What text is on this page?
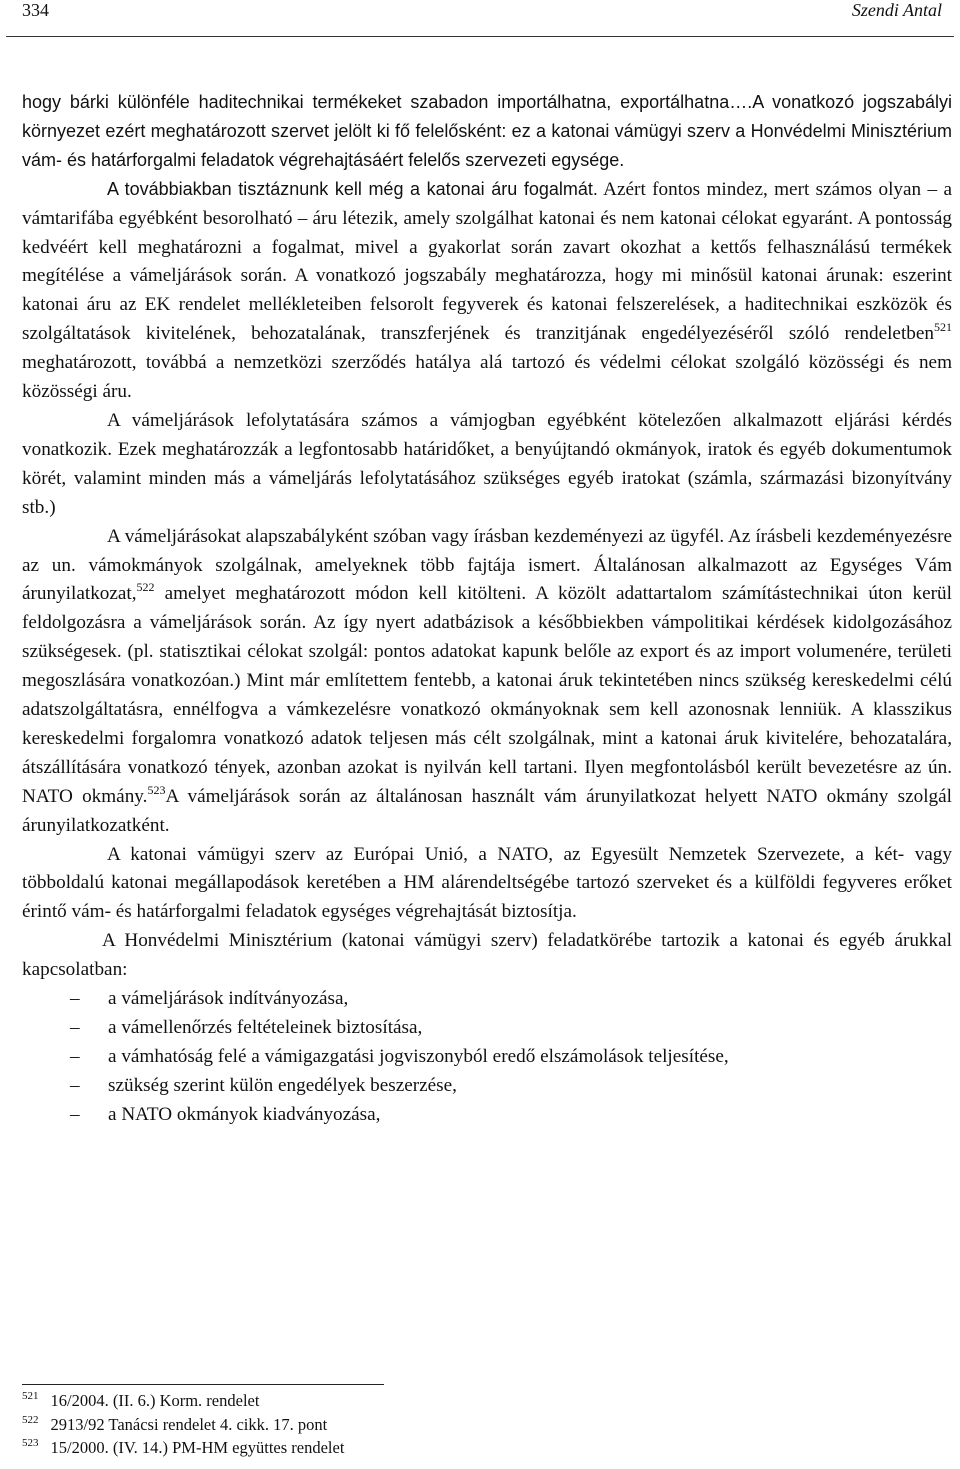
334	Szendi Antal

hogy bárki különféle haditechnikai termékeket szabadon importálhatna, exportálhatna….A vonatkozó jogszabályi környezet ezért meghatározott szervet jelölt ki fő felelősként: ez a katonai vámügyi szerv a Honvédelmi Minisztérium vám- és határforgalmi feladatok végrehajtásáért felelős szervezeti egysége.

A továbbiakban tisztáznunk kell még a katonai áru fogalmát. Azért fontos mindez, mert számos olyan – a vámtarifába egyébként besorolható – áru létezik, amely szolgálhat katonai és nem katonai célokat egyaránt. A pontosság kedvéért kell meghatározni a fogalmat, mivel a gyakorlat során zavart okozhat a kettős felhasználású termékek megítélése a vámeljárások során. A vonatkozó jogszabály meghatározza, hogy mi minősül katonai árunak: eszerint katonai áru az EK rendelet mellékleteiben felsorolt fegyverek és katonai felszerelések, a haditechnikai eszközök és szolgáltatások kivitelének, behozatalának, transzferjének és tranzitjának engedélyezéséről szóló rendeletben$^{521}$ meghatározott, továbbá a nemzetközi szerződés hatálya alá tartozó és védelmi célokat szolgáló közösségi és nem közösségi áru.

A vámeljárások lefolytatására számos a vámjogban egyébként kötelezően alkalmazott eljárási kérdés vonatkozik. Ezek meghatározzák a legfontosabb határidőket, a benyújtandó okmányok, iratok és egyéb dokumentumok körét, valamint minden más a vámeljárás lefolytatásához szükséges egyéb iratokat (számla, származási bizonyítvány stb.)

A vámeljárásokat alapszabályként szóban vagy írásban kezdeményezi az ügyfél. Az írásbeli kezdeményezésre az un. vámokmányok szolgálnak, amelyeknek több fajtája ismert. Általánosan alkalmazott az Egységes Vám árunyilatkozat,$^{522}$ amelyet meghatározott módon kell kitölteni. A közölt adattartalom számítástechnikai úton kerül feldolgozásra a vámeljárások során. Az így nyert adatbázisok a későbbiekben vámpolitikai kérdések kidolgozásához szükségesek. (pl. statisztikai célokat szolgál: pontos adatokat kapunk belőle az export és az import volumenére, területi megoszlására vonatkozóan.) Mint már említettem fentebb, a katonai áruk tekintetében nincs szükség kereskedelmi célú adatszolgáltatásra, ennélfogva a vámkezelésre vonatkozó okmányoknak sem kell azonosnak lenniük. A klasszikus kereskedelmi forgalomra vonatkozó adatok teljesen más célt szolgálnak, mint a katonai áruk kivitelére, behozatalára, átszállítására vonatkozó tények, azonban azokat is nyilván kell tartani. Ilyen megfontolásból került bevezetésre az ún. NATO okmány.$^{523}$A vámeljárások során az általánosan használt vám árunyilatkozat helyett NATO okmány szolgál árunyilatkozatként.

A katonai vámügyi szerv az Európai Unió, a NATO, az Egyesült Nemzetek Szervezete, a két- vagy többoldalú katonai megállapodások keretében a HM alárendeltségébe tartozó szerveket és a külföldi fegyveres erőket érintő vám- és határforgalmi feladatok egységes végrehajtását biztosítja.

A Honvédelmi Minisztérium (katonai vámügyi szerv) feladatkörébe tartozik a katonai és egyéb árukkal kapcsolatban:

– a vámeljárások indítványozása,
– a vámellenőrzés feltételeinek biztosítása,
– a vámhatóság felé a vámigazgatási jogviszonyból eredő elszámolások teljesítése,
– szükség szerint külön engedélyek beszerzése,
– a NATO okmányok kiadványozása,
$^{521}$ 16/2004. (II. 6.) Korm. rendelet
$^{522}$ 2913/92 Tanácsi rendelet 4. cikk. 17. pont
$^{523}$ 15/2000. (IV. 14.) PM-HM együttes rendelet
